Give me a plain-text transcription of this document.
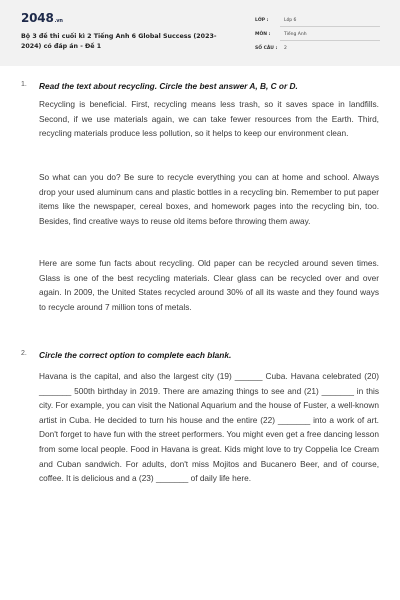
2048.vn
Bộ 3 đề thi cuối kì 2 Tiếng Anh 6 Global Success (2023-2024) có đáp án - Đề 1
LỚP :	Lớp 6
MÔN :	Tiếng Anh
SỐ CÂU : 2
1. Read the text about recycling. Circle the best answer A, B, C or D.

Recycling is beneficial. First, recycling means less trash, so it saves space in landfills. Second, if we use materials again, we can take fewer resources from the Earth. Third, recycling materials produce less pollution, so it helps to keep our environment clean.

So what can you do? Be sure to recycle everything you can at home and school. Always drop your used aluminum cans and plastic bottles in a recycling bin. Remember to put paper items like the newspaper, cereal boxes, and homework pages into the recycling bin, too. Besides, find creative ways to reuse old items before throwing them away.

Here are some fun facts about recycling. Old paper can be recycled around seven times. Glass is one of the best recycling materials. Clear glass can be recycled over and over again. In 2009, the United States recycled around 30% of all its waste and they found ways to recycle around 7 million tons of metals.

2. Circle the correct option to complete each blank.

Havana is the capital, and also the largest city (19) ______ Cuba. Havana celebrated (20) _______ 500th birthday in 2019. There are amazing things to see and (21) _______ in this city. For example, you can visit the National Aquarium and the house of Fuster, a well-known artist in Cuba. He decided to turn his house and the entire (22) _______ into a work of art. Don't forget to have fun with the street performers. You might even get a free dancing lesson from some local people. Food in Havana is great. Kids might love to try Coppelia Ice Cream and Cuban sandwich. For adults, don't miss Mojitos and Bucanero Beer, and of course, coffee. It is delicious and a (23) _______ of daily life here.
